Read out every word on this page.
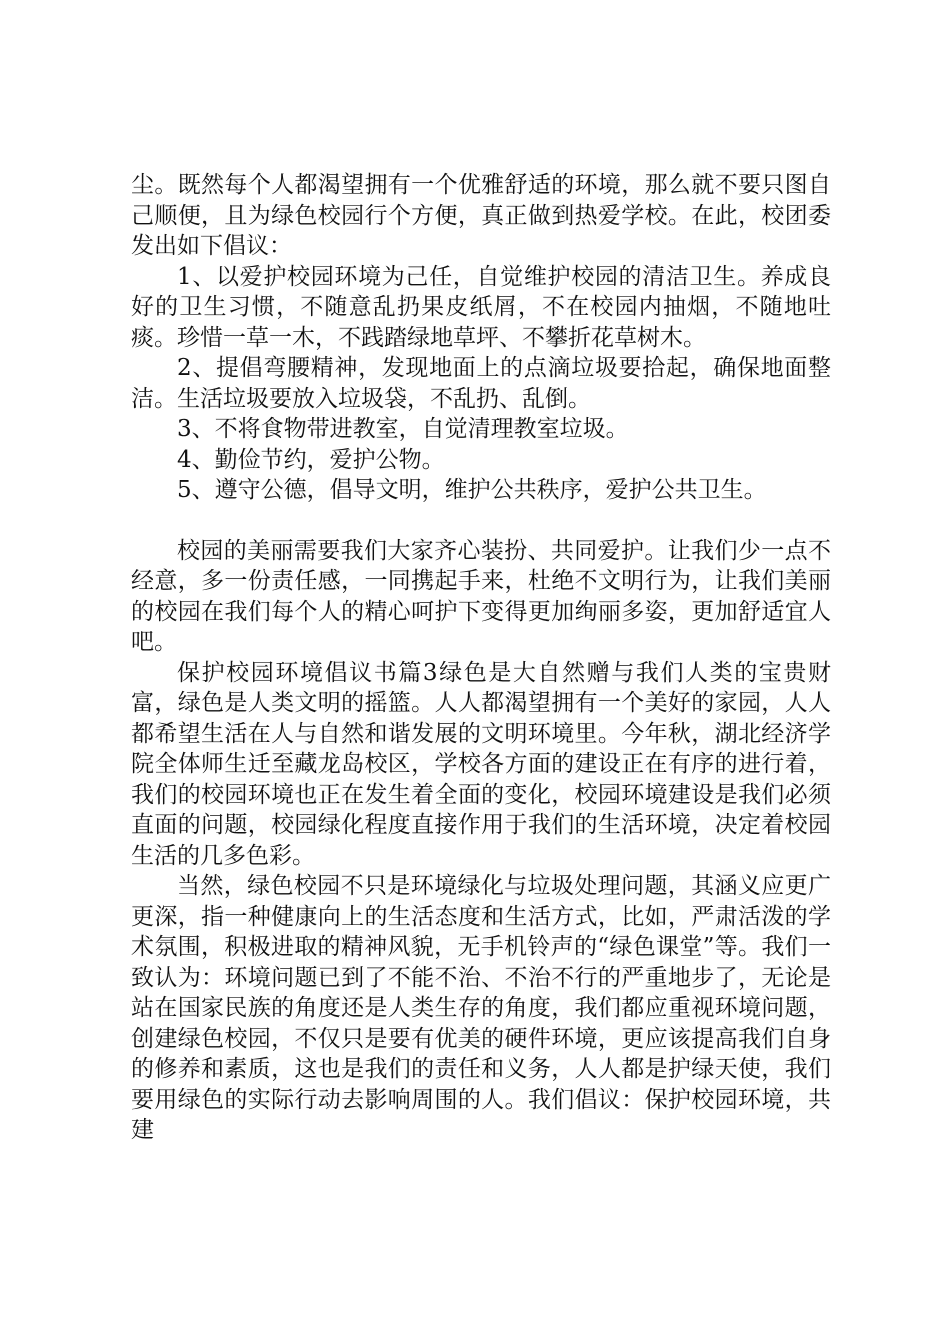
尘。既然每个人都渴望拥有一个优雅舒适的环境，那么就不要只图自己顺便，且为绿色校园行个方便，真正做到热爱学校。在此，校团委发出如下倡议：

1、以爱护校园环境为己任，自觉维护校园的清洁卫生。养成良好的卫生习惯，不随意乱扔果皮纸屑，不在校园内抽烟，不随地吐痰。珍惜一草一木，不践踏绿地草坪、不攀折花草树木。

2、提倡弯腰精神，发现地面上的点滴垃圾要拾起，确保地面整洁。生活垃圾要放入垃圾袋，不乱扔、乱倒。

3、不将食物带进教室，自觉清理教室垃圾。

4、勤俭节约，爱护公物。

5、遵守公德，倡导文明，维护公共秩序，爱护公共卫生。

校园的美丽需要我们大家齐心装扮、共同爱护。让我们少一点不经意，多一份责任感，一同携起手来，杜绝不文明行为，让我们美丽的校园在我们每个人的精心呵护下变得更加绚丽多姿，更加舒适宜人吧。

保护校园环境倡议书篇3绿色是大自然赠与我们人类的宝贵财富，绿色是人类文明的摇篮。人人都渴望拥有一个美好的家园，人人都希望生活在人与自然和谐发展的文明环境里。今年秋，湖北经济学院全体师生迁至藏龙岛校区，学校各方面的建设正在有序的进行着，我们的校园环境也正在发生着全面的变化，校园环境建设是我们必须直面的问题，校园绿化程度直接作用于我们的生活环境，决定着校园生活的几多色彩。

当然，绿色校园不只是环境绿化与垃圾处理问题，其涵义应更广更深，指一种健康向上的生活态度和生活方式，比如，严肃活泼的学术氛围，积极进取的精神风貌，无手机铃声的“绿色课堂”等。我们一致认为：环境问题已到了不能不治、不治不行的严重地步了，无论是站在国家民族的角度还是人类生存的角度，我们都应重视环境问题，创建绿色校园，不仅只是要有优美的硬件环境，更应该提高我们自身的修养和素质，这也是我们的责任和义务，人人都是护绿天使，我们要用绿色的实际行动去影响周围的人。我们倡议：保护校园环境，共建
